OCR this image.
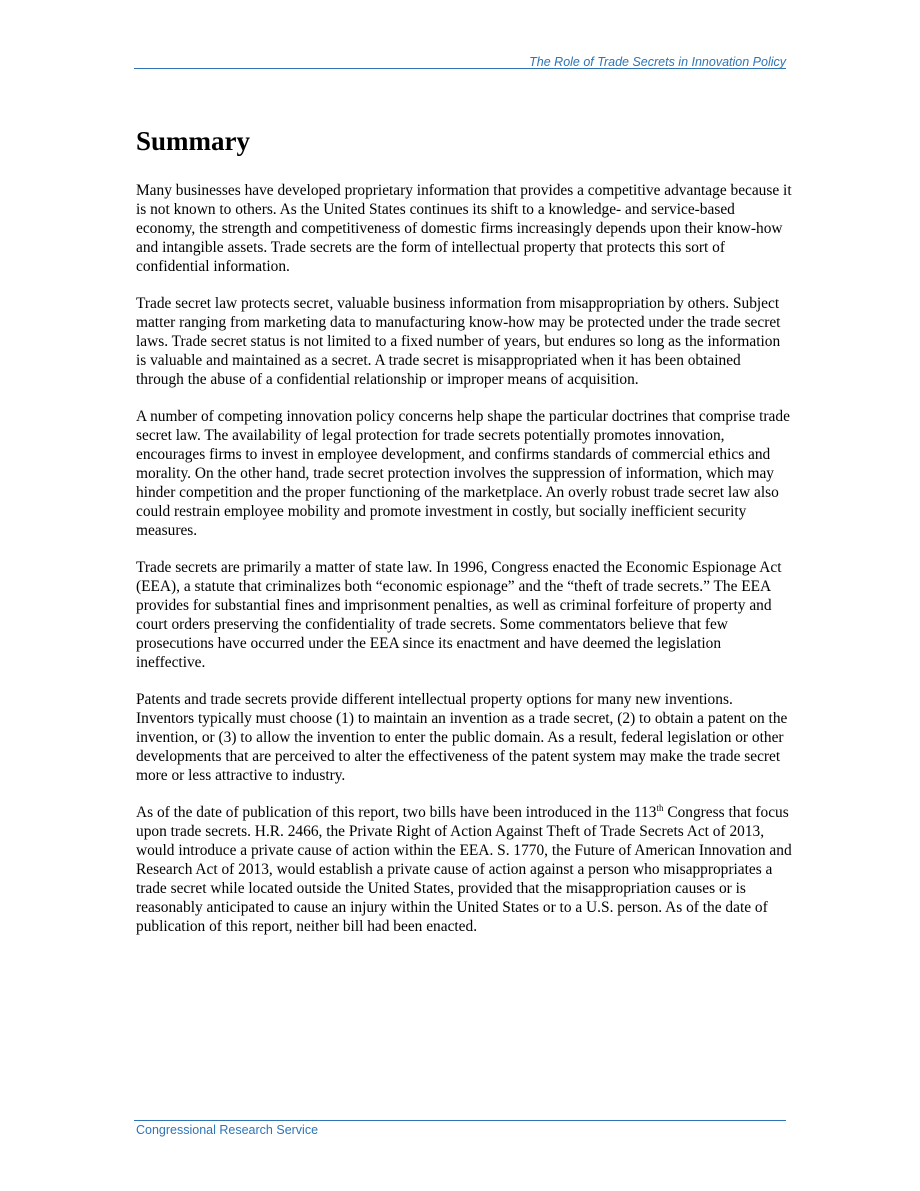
The Role of Trade Secrets in Innovation Policy
Summary

Many businesses have developed proprietary information that provides a competitive advantage because it is not known to others. As the United States continues its shift to a knowledge- and service-based economy, the strength and competitiveness of domestic firms increasingly depends upon their know-how and intangible assets. Trade secrets are the form of intellectual property that protects this sort of confidential information.

Trade secret law protects secret, valuable business information from misappropriation by others. Subject matter ranging from marketing data to manufacturing know-how may be protected under the trade secret laws. Trade secret status is not limited to a fixed number of years, but endures so long as the information is valuable and maintained as a secret. A trade secret is misappropriated when it has been obtained through the abuse of a confidential relationship or improper means of acquisition.

A number of competing innovation policy concerns help shape the particular doctrines that comprise trade secret law. The availability of legal protection for trade secrets potentially promotes innovation, encourages firms to invest in employee development, and confirms standards of commercial ethics and morality. On the other hand, trade secret protection involves the suppression of information, which may hinder competition and the proper functioning of the marketplace. An overly robust trade secret law also could restrain employee mobility and promote investment in costly, but socially inefficient security measures.

Trade secrets are primarily a matter of state law. In 1996, Congress enacted the Economic Espionage Act (EEA), a statute that criminalizes both “economic espionage” and the “theft of trade secrets.” The EEA provides for substantial fines and imprisonment penalties, as well as criminal forfeiture of property and court orders preserving the confidentiality of trade secrets. Some commentators believe that few prosecutions have occurred under the EEA since its enactment and have deemed the legislation ineffective.

Patents and trade secrets provide different intellectual property options for many new inventions. Inventors typically must choose (1) to maintain an invention as a trade secret, (2) to obtain a patent on the invention, or (3) to allow the invention to enter the public domain. As a result, federal legislation or other developments that are perceived to alter the effectiveness of the patent system may make the trade secret more or less attractive to industry.

As of the date of publication of this report, two bills have been introduced in the 113th Congress that focus upon trade secrets. H.R. 2466, the Private Right of Action Against Theft of Trade Secrets Act of 2013, would introduce a private cause of action within the EEA. S. 1770, the Future of American Innovation and Research Act of 2013, would establish a private cause of action against a person who misappropriates a trade secret while located outside the United States, provided that the misappropriation causes or is reasonably anticipated to cause an injury within the United States or to a U.S. person. As of the date of publication of this report, neither bill had been enacted.

Congressional Research Service
